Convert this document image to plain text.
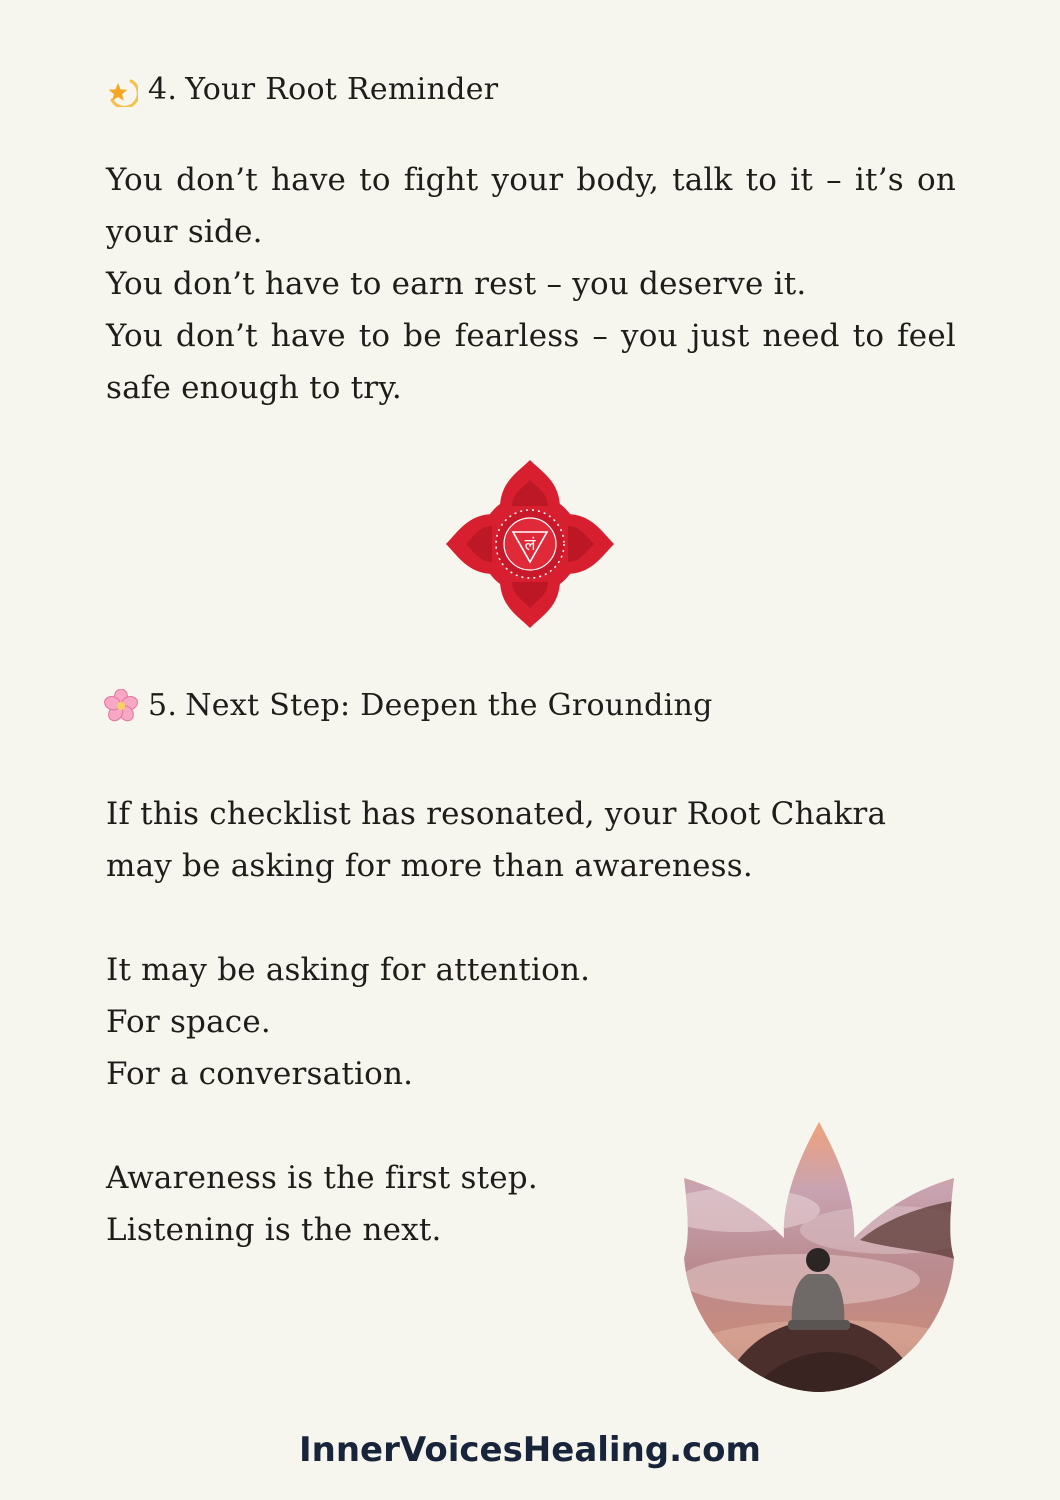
4. Your Root Reminder

You don’t have to fight your body, talk to it – it’s on your side.

You don’t have to earn rest – you deserve it.

You don’t have to be fearless – you just need to feel safe enough to try.

लं
5. Next Step: Deepen the Grounding

If this checklist has resonated, your Root Chakra may be asking for more than awareness.

It may be asking for attention.

For space.

For a conversation.

Awareness is the first step.

Listening is the next.

InnerVoicesHealing.com
